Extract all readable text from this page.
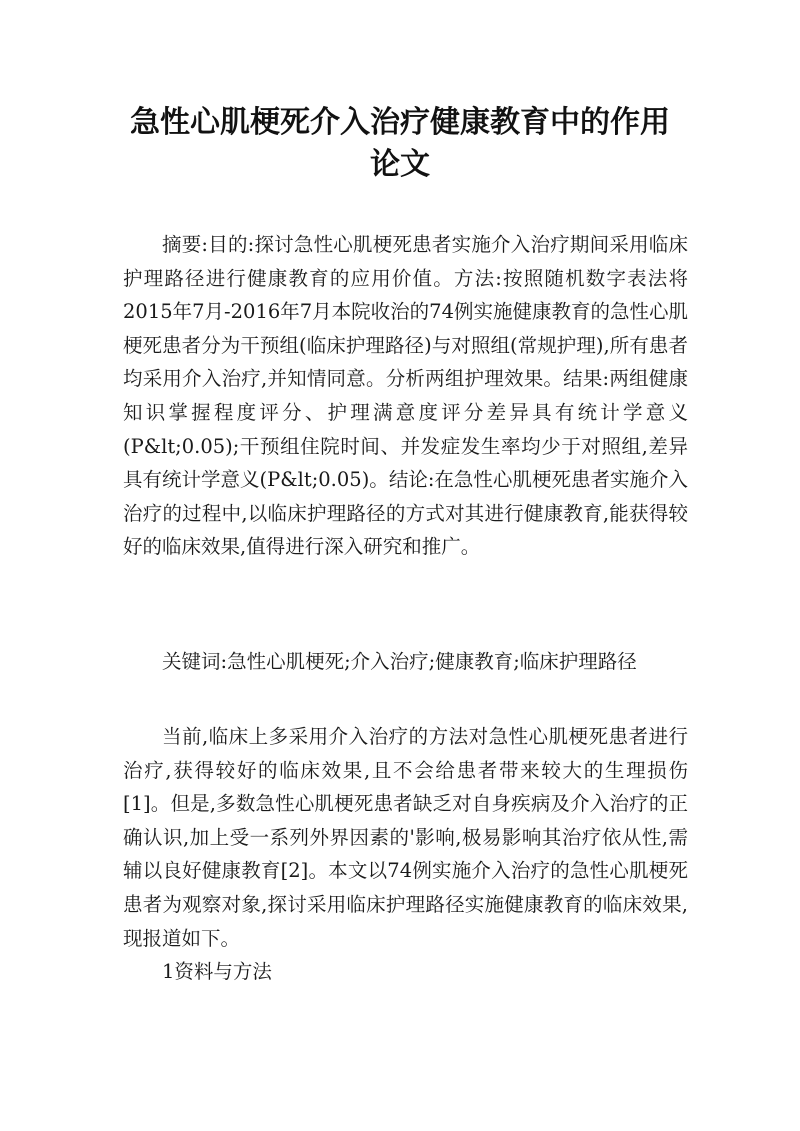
急性心肌梗死介入治疗健康教育中的作用
论文

摘要:目的:探讨急性心肌梗死患者实施介入治疗期间采用临床护理路径进行健康教育的应用价值。方法:按照随机数字表法将2015年7月-2016年7月本院收治的74例实施健康教育的急性心肌梗死患者分为干预组(临床护理路径)与对照组(常规护理),所有患者均采用介入治疗,并知情同意。分析两组护理效果。结果:两组健康知识掌握程度评分、护理满意度评分差异具有统计学意义(P&lt;0.05);干预组住院时间、并发症发生率均少于对照组,差异具有统计学意义(P&lt;0.05)。结论:在急性心肌梗死患者实施介入治疗的过程中,以临床护理路径的方式对其进行健康教育,能获得较好的临床效果,值得进行深入研究和推广。

关键词:急性心肌梗死;介入治疗;健康教育;临床护理路径

当前,临床上多采用介入治疗的方法对急性心肌梗死患者进行治疗,获得较好的临床效果,且不会给患者带来较大的生理损伤[1]。但是,多数急性心肌梗死患者缺乏对自身疾病及介入治疗的正确认识,加上受一系列外界因素的'影响,极易影响其治疗依从性,需辅以良好健康教育[2]。本文以74例实施介入治疗的急性心肌梗死患者为观察对象,探讨采用临床护理路径实施健康教育的临床效果,现报道如下。

1资料与方法
